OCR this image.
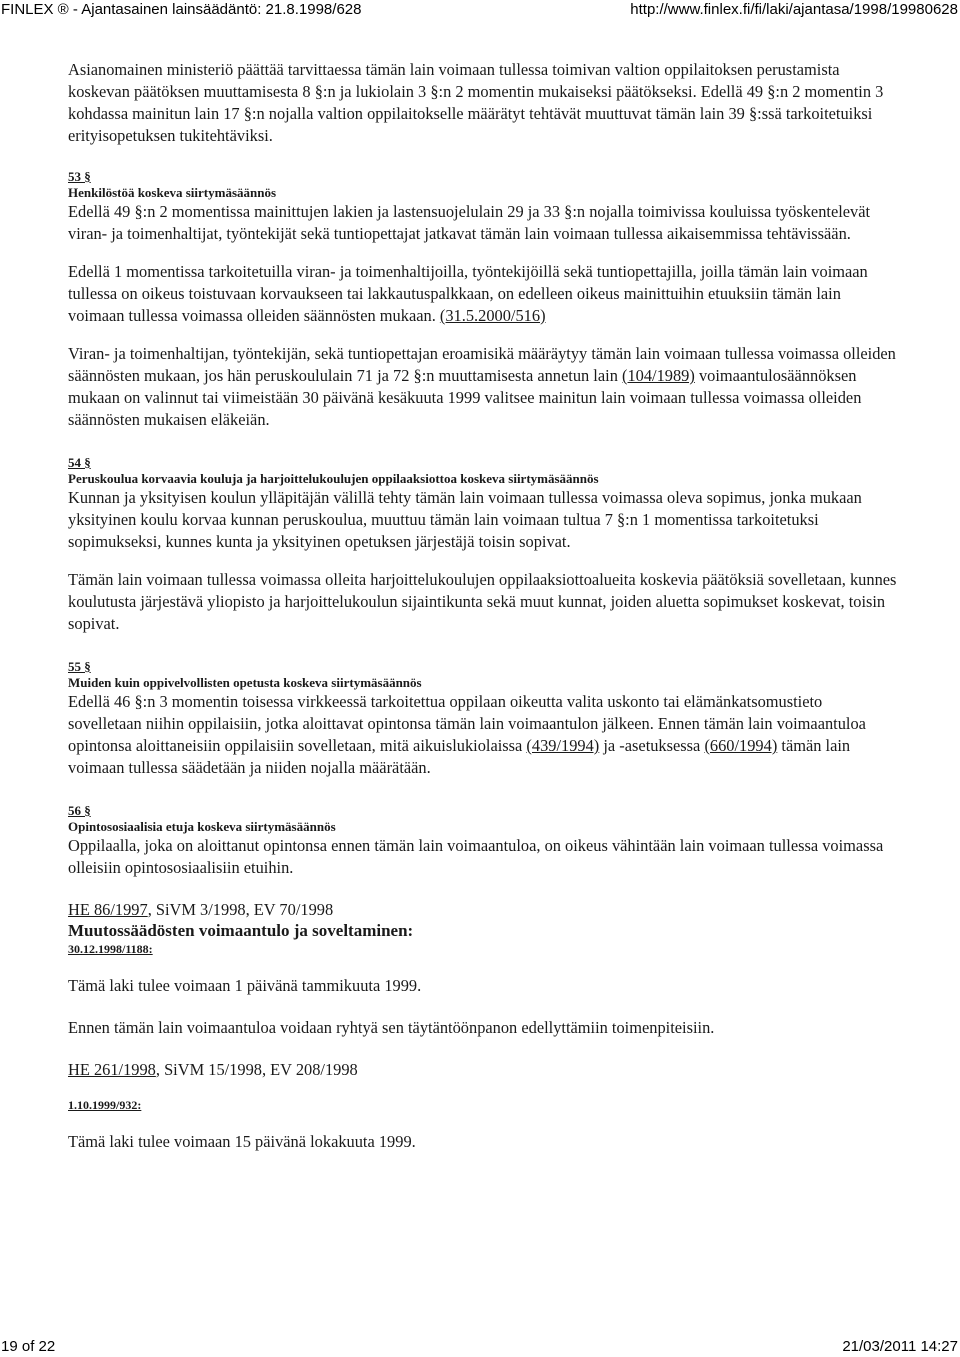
FINLEX ® - Ajantasainen lainsäädäntö: 21.8.1998/628	http://www.finlex.fi/fi/laki/ajantasa/1998/19980628

Asianomainen ministeriö päättää tarvittaessa tämän lain voimaan tullessa toimivan valtion oppilaitoksen perustamista koskevan päätöksen muuttamisesta 8 §:n ja lukiolain 3 §:n 2 momentin mukaiseksi päätökseksi. Edellä 49 §:n 2 momentin 3 kohdassa mainitun lain 17 §:n nojalla valtion oppilaitokselle määrätyt tehtävät muuttuvat tämän lain 39 §:ssä tarkoitetuiksi erityisopetuksen tukitehtäviksi.

53 §

Henkilöstöä koskeva siirtymäsäännös

Edellä 49 §:n 2 momentissa mainittujen lakien ja lastensuojelulain 29 ja 33 §:n nojalla toimivissa kouluissa työskentelevät viran- ja toimenhaltijat, työntekijät sekä tuntiopettajat jatkavat tämän lain voimaan tullessa aikaisemmissa tehtävissään.

Edellä 1 momentissa tarkoitetuilla viran- ja toimenhaltijoilla, työntekijöillä sekä tuntiopettajilla, joilla tämän lain voimaan tullessa on oikeus toistuvaan korvaukseen tai lakkautuspalkkaan, on edelleen oikeus mainittuihin etuuksiin tämän lain voimaan tullessa voimassa olleiden säännösten mukaan. (31.5.2000/516)

Viran- ja toimenhaltijan, työntekijän, sekä tuntiopettajan eroamisikä määräytyy tämän lain voimaan tullessa voimassa olleiden säännösten mukaan, jos hän peruskoululain 71 ja 72 §:n muuttamisesta annetun lain (104/1989) voimaantulosäännöksen mukaan on valinnut tai viimeistään 30 päivänä kesäkuuta 1999 valitsee mainitun lain voimaan tullessa voimassa olleiden säännösten mukaisen eläkeiän.

54 §

Peruskoulua korvaavia kouluja ja harjoittelukoulujen oppilaaksiottoa koskeva siirtymäsäännös

Kunnan ja yksityisen koulun ylläpitäjän välillä tehty tämän lain voimaan tullessa voimassa oleva sopimus, jonka mukaan yksityinen koulu korvaa kunnan peruskoulua, muuttuu tämän lain voimaan tultua 7 §:n 1 momentissa tarkoitetuksi sopimukseksi, kunnes kunta ja yksityinen opetuksen järjestäjä toisin sopivat.

Tämän lain voimaan tullessa voimassa olleita harjoittelukoulujen oppilaaksiottoalueita koskevia päätöksiä sovelletaan, kunnes koulutusta järjestävä yliopisto ja harjoittelukoulun sijaintikunta sekä muut kunnat, joiden aluetta sopimukset koskevat, toisin sopivat.

55 §

Muiden kuin oppivelvollisten opetusta koskeva siirtymäsäännös

Edellä 46 §:n 3 momentin toisessa virkkeessä tarkoitettua oppilaan oikeutta valita uskonto tai elämänkatsomustieto sovelletaan niihin oppilaisiin, jotka aloittavat opintonsa tämän lain voimaantulon jälkeen. Ennen tämän lain voimaantuloa opintonsa aloittaneisiin oppilaisiin sovelletaan, mitä aikuislukiolaissa (439/1994) ja -asetuksessa (660/1994) tämän lain voimaan tullessa säädetään ja niiden nojalla määrätään.

56 §

Opintososiaalisia etuja koskeva siirtymäsäännös

Oppilaalla, joka on aloittanut opintonsa ennen tämän lain voimaantuloa, on oikeus vähintään lain voimaan tullessa voimassa olleisiin opintososiaalisiin etuihin.

HE 86/1997, SiVM 3/1998, EV 70/1998

Muutossäädösten voimaantulo ja soveltaminen:

30.12.1998/1188:

Tämä laki tulee voimaan 1 päivänä tammikuuta 1999.

Ennen tämän lain voimaantuloa voidaan ryhtyä sen täytäntöönpanon edellyttämiin toimenpiteisiin.

HE 261/1998, SiVM 15/1998, EV 208/1998

1.10.1999/932:

Tämä laki tulee voimaan 15 päivänä lokakuuta 1999.

19 of 22	21/03/2011 14:27
